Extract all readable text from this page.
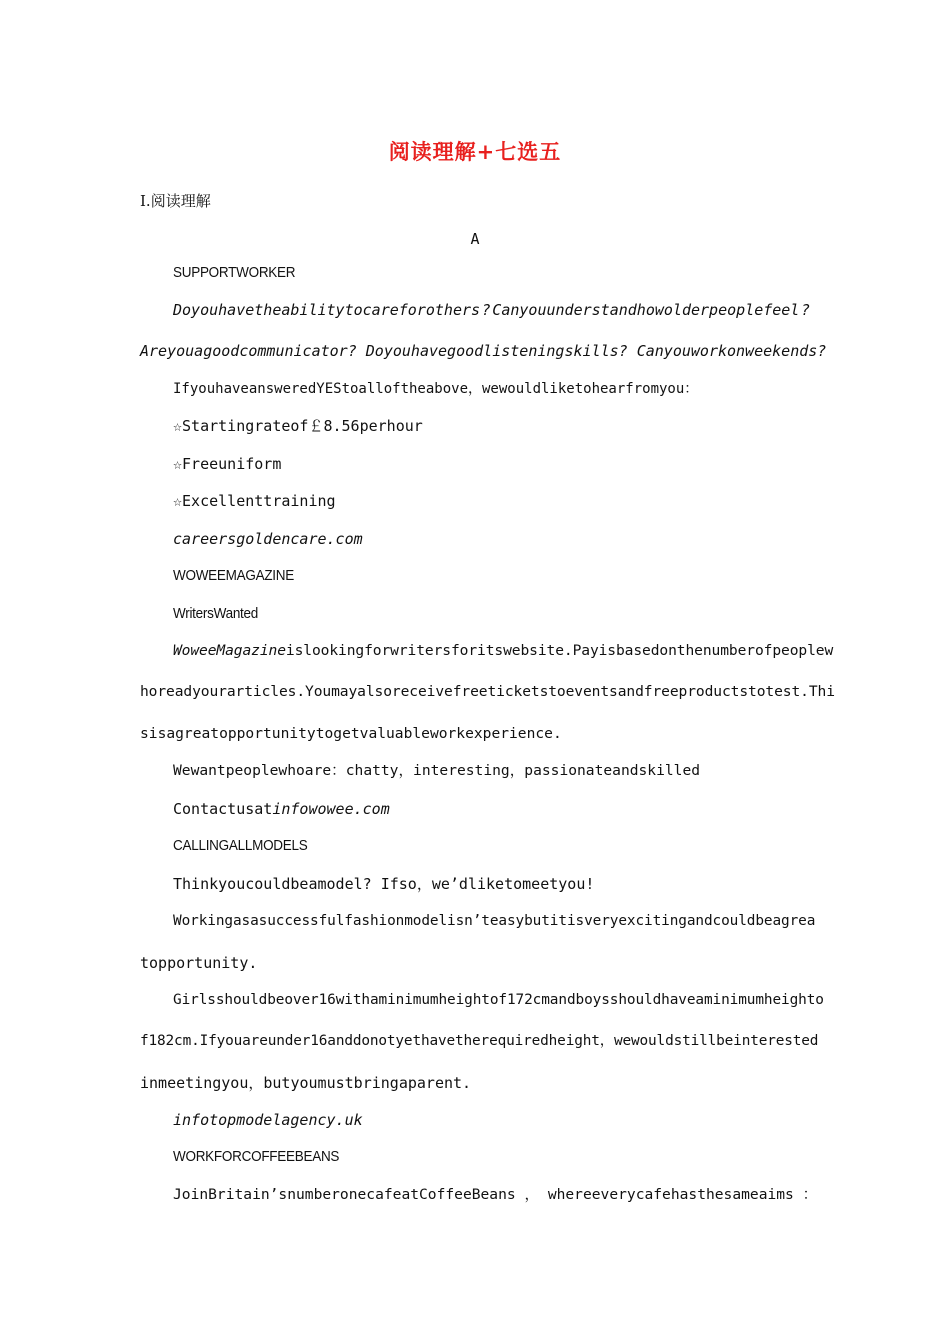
阅读理解+七选五
Ⅰ.阅读理解
A
SUPPORTWORKER
Doyouhavetheabilitytocareforothers ? Canyouunderstandhowolderpeoplefeel ?
Areyouagoodcommunicator? Doyouhavegoodlisteningskills? Canyouworkonweekends?
IfyouhaveansweredYEStoalloftheabove，wewouldliketohearfromyou：
☆Startingrateof￡8.56perhour
☆Freeuniform
☆Excellenttraining
careersgoldencare.com
WOWEEMAGAZINE
WritersWanted
WoweeMagazineislookingforwritersforitswebsite.Payisbasedonthenumberofpeoplew
horeadyourarticles.Youmayalsoreceivefreeticketstoeventsandfreeproductstotest.Thi
sisagreatopportunitytogetvaluableworkexperience.
Wewantpeoplewhoare：chatty，interesting，passionateandskilled
Contactusatinfowowee.com
CALLINGALLMODELS
Thinkyoucouldbeamodel? Ifso，we’dliketomeetyou!
Workingasasuccessfulfashionmodelisn’teasybutitisveryexcitingandcouldbeagrea
topportunity.
Girlsshouldbeover16withaminimumheightof172cmandboysshouldhaveaminimumheighto
f182cm.Ifyouareunder16anddonotyethavetherequiredheight，wewouldstillbeinterested
inmeetingyou，butyoumustbringaparent.
infotopmodelagency.uk
WORKFORCOFFEEBEANS
JoinBritain’snumberonecafeatCoffeeBeans ， whereeverycafehasthesameaims ：
